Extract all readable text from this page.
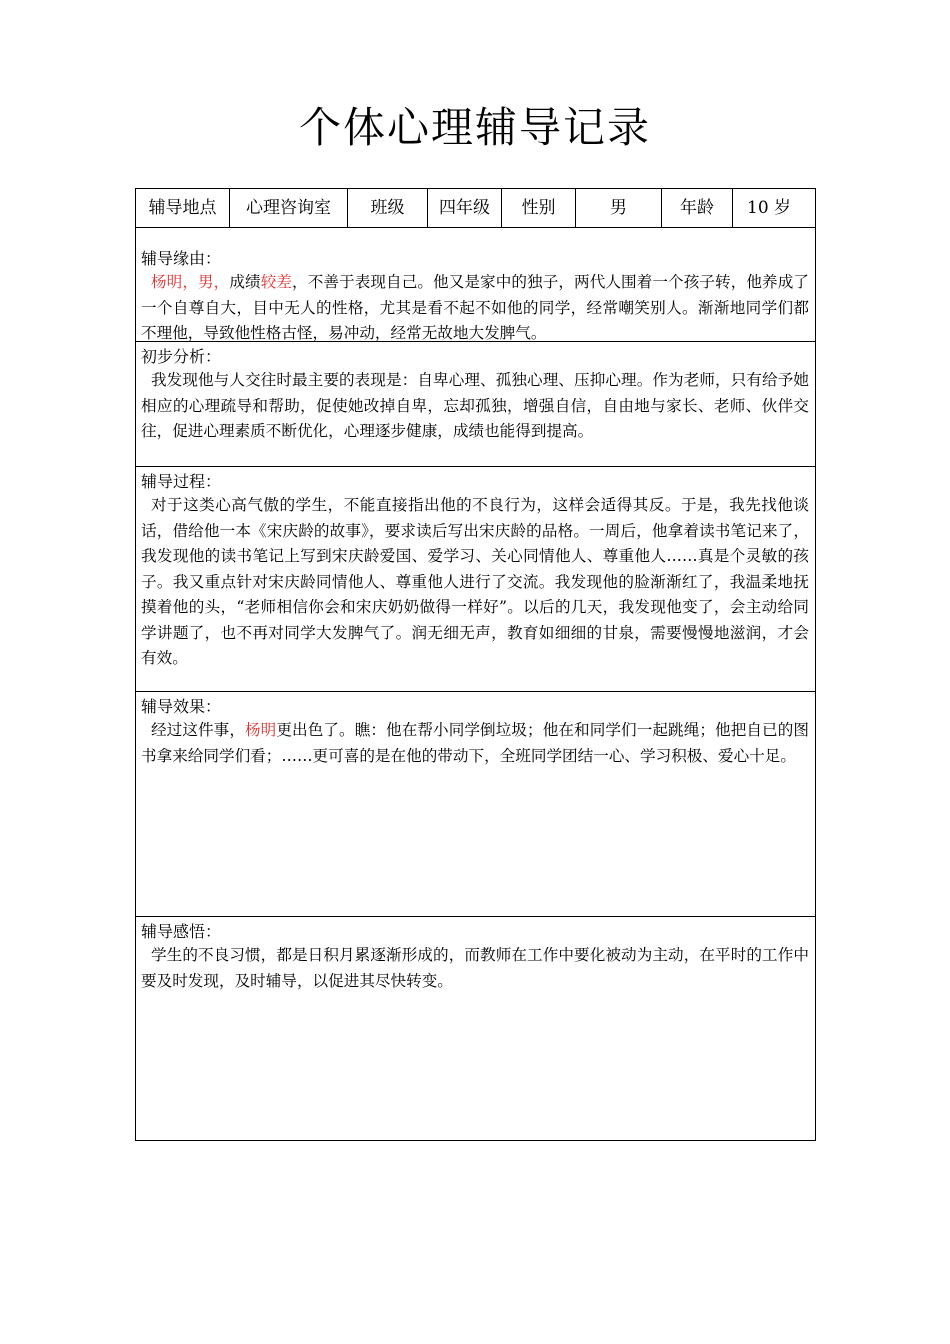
个体心理辅导记录
辅导地点	心理咨询室	班级	四年级	性别	男	年龄	10 岁
辅导缘由：
杨明，男，成绩较差，不善于表现自己。他又是家中的独子，两代人围着一个孩子转，他养成了一个自尊自大，目中无人的性格，尤其是看不起不如他的同学，经常嘲笑别人。渐渐地同学们都不理他，导致他性格古怪，易冲动，经常无故地大发脾气。
初步分析：
我发现他与人交往时最主要的表现是：自卑心理、孤独心理、压抑心理。作为老师，只有给予她相应的心理疏导和帮助，促使她改掉自卑，忘却孤独，增强自信，自由地与家长、老师、伙伴交往，促进心理素质不断优化，心理逐步健康，成绩也能得到提高。
辅导过程：
对于这类心高气傲的学生，不能直接指出他的不良行为，这样会适得其反。于是，我先找他谈话，借给他一本《宋庆龄的故事》，要求读后写出宋庆龄的品格。一周后，他拿着读书笔记来了，我发现他的读书笔记上写到宋庆龄爱国、爱学习、关心同情他人、尊重他人……真是个灵敏的孩子。我又重点针对宋庆龄同情他人、尊重他人进行了交流。我发现他的脸渐渐红了，我温柔地抚摸着他的头，“老师相信你会和宋庆奶奶做得一样好”。以后的几天，我发现他变了，会主动给同学讲题了，也不再对同学大发脾气了。润无细无声，教育如细细的甘泉，需要慢慢地滋润，才会有效。
辅导效果：
经过这件事，杨明更出色了。瞧：他在帮小同学倒垃圾；他在和同学们一起跳绳；他把自已的图书拿来给同学们看；……更可喜的是在他的带动下，全班同学团结一心、学习积极、爱心十足。
辅导感悟：
学生的不良习惯，都是日积月累逐渐形成的，而教师在工作中要化被动为主动，在平时的工作中要及时发现，及时辅导，以促进其尽快转变。
